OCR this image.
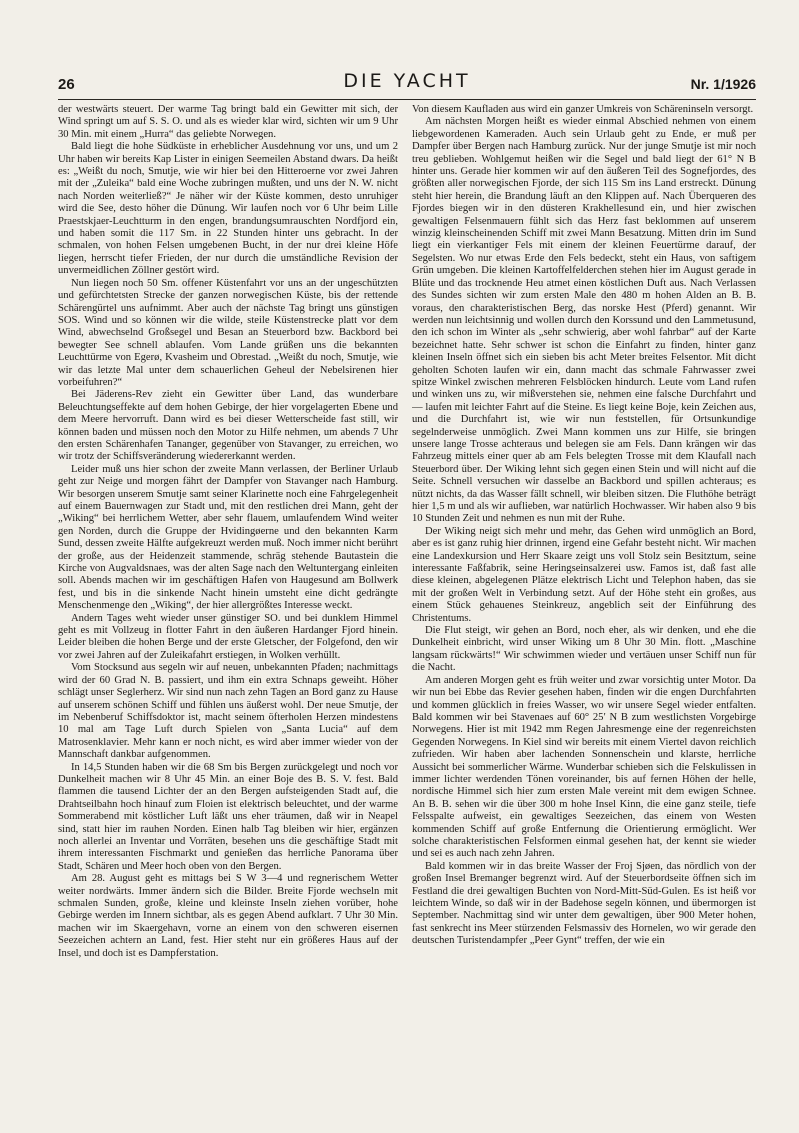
26	DIE YACHT	Nr. 1/1926

der westwärts steuert. Der warme Tag bringt bald ein Gewitter mit sich, der Wind springt um auf S. S. O. und als es wieder klar wird, sichten wir um 9 Uhr 30 Min. mit einem „Hurra“ das geliebte Norwegen.

Bald liegt die hohe Südküste in erheblicher Ausdehnung vor uns, und um 2 Uhr haben wir bereits Kap Lister in einigen Seemeilen Abstand dwars. Da heißt es: „Weißt du noch, Smutje, wie wir hier bei den Hitteroerne vor zwei Jahren mit der „Zuleika“ bald eine Woche zubringen mußten, und uns der N. W. nicht nach Norden weiterließ?“ Je näher wir der Küste kommen, desto unruhiger wird die See, desto höher die Dünung. Wir laufen noch vor 6 Uhr beim Lille Praestskjaer-Leuchtturm in den engen, brandungsumrauschten Nordfjord ein, und haben somit die 117 Sm. in 22 Stunden hinter uns gebracht. In der schmalen, von hohen Felsen umgebenen Bucht, in der nur drei kleine Höfe liegen, herrscht tiefer Frieden, der nur durch die umständliche Revision der unvermeidlichen Zöllner gestört wird.

Nun liegen noch 50 Sm. offener Küstenfahrt vor uns an der ungeschützten und gefürchtetsten Strecke der ganzen norwegischen Küste, bis der rettende Schärengürtel uns aufnimmt. Aber auch der nächste Tag bringt uns günstigen SOS. Wind und so können wir die wilde, steile Küstenstrecke platt vor dem Wind, abwechselnd Großsegel und Besan an Steuerbord bzw. Backbord bei bewegter See schnell ablaufen. Vom Lande grüßen uns die bekannten Leuchttürme von Egerø, Kvasheim und Obrestad. „Weißt du noch, Smutje, wie wir das letzte Mal unter dem schauerlichen Geheul der Nebelsirenen hier vorbeifuhren?“

Bei Jäderens-Rev zieht ein Gewitter über Land, das wunderbare Beleuchtungseffekte auf dem hohen Gebirge, der hier vorgelagerten Ebene und dem Meere hervorruft. Dann wird es bei dieser Wetterscheide fast still, wir können baden und müssen noch den Motor zu Hilfe nehmen, um abends 7 Uhr den ersten Schärenhafen Tananger, gegenüber von Stavanger, zu erreichen, wo wir trotz der Schiffsveränderung wiedererkannt werden.

Leider muß uns hier schon der zweite Mann verlassen, der Berliner Urlaub geht zur Neige und morgen fährt der Dampfer von Stavanger nach Hamburg. Wir besorgen unserem Smutje samt seiner Klarinette noch eine Fahrgelegenheit auf einem Bauernwagen zur Stadt und, mit den restlichen drei Mann, geht der „Wiking“ bei herrlichem Wetter, aber sehr flauem, umlaufendem Wind weiter gen Norden, durch die Gruppe der Hvidingøerne und den bekannten Karm Sund, dessen zweite Hälfte aufgekreuzt werden muß. Noch immer nicht berührt der große, aus der Heidenzeit stammende, schräg stehende Bautastein die Kirche von Augvaldsnaes, was der alten Sage nach den Weltuntergang einleiten soll. Abends machen wir im geschäftigen Hafen von Haugesund am Bollwerk fest, und bis in die sinkende Nacht hinein umsteht eine dicht gedrängte Menschenmenge den „Wiking“, der hier allergrößtes Interesse weckt.

Andern Tages weht wieder unser günstiger SO. und bei dunklem Himmel geht es mit Vollzeug in flotter Fahrt in den äußeren Hardanger Fjord hinein. Leider bleiben die hohen Berge und der erste Gletscher, der Folgefond, den wir vor zwei Jahren auf der Zuleikafahrt erstiegen, in Wolken verhüllt.

Vom Stocksund aus segeln wir auf neuen, unbekannten Pfaden; nachmittags wird der 60 Grad N. B. passiert, und ihm ein extra Schnaps geweiht. Höher schlägt unser Seglerherz. Wir sind nun nach zehn Tagen an Bord ganz zu Hause auf unserem schönen Schiff und fühlen uns äußerst wohl. Der neue Smutje, der im Nebenberuf Schiffsdoktor ist, macht seinem öfterholen Herzen mindestens 10 mal am Tage Luft durch Spielen von „Santa Lucia“ auf dem Matrosenklavier. Mehr kann er noch nicht, es wird aber immer wieder von der Mannschaft dankbar aufgenommen.

In 14,5 Stunden haben wir die 68 Sm bis Bergen zurückgelegt und noch vor Dunkelheit machen wir 8 Uhr 45 Min. an einer Boje des B. S. V. fest. Bald flammen die tausend Lichter der an den Bergen aufsteigenden Stadt auf, die Drahtseilbahn hoch hinauf zum Floien ist elektrisch beleuchtet, und der warme Sommerabend mit köstlicher Luft läßt uns eher träumen, daß wir in Neapel sind, statt hier im rauhen Norden. Einen halb Tag bleiben wir hier, ergänzen noch allerlei an Inventar und Vorräten, besehen uns die geschäftige Stadt mit ihrem interessanten Fischmarkt und genießen das herrliche Panorama über Stadt, Schären und Meer hoch oben von den Bergen.

Am 28. August geht es mittags bei S W 3—4 und regnerischem Wetter weiter nordwärts. Immer ändern sich die Bilder. Breite Fjorde wechseln mit schmalen Sunden, große, kleine und kleinste Inseln ziehen vorüber, hohe Gebirge werden im Innern sichtbar, als es gegen Abend aufklart. 7 Uhr 30 Min. machen wir im Skaergehavn, vorne an einem von den schweren eisernen Seezeichen achtern an Land, fest. Hier steht nur ein größeres Haus auf der Insel, und doch ist es Dampferstation.

Von diesem Kaufladen aus wird ein ganzer Umkreis von Schäreninseln versorgt.

Am nächsten Morgen heißt es wieder einmal Abschied nehmen von einem liebgewordenen Kameraden. Auch sein Urlaub geht zu Ende, er muß per Dampfer über Bergen nach Hamburg zurück. Nur der junge Smutje ist mir noch treu geblieben. Wohlgemut heißen wir die Segel und bald liegt der 61° N B hinter uns. Gerade hier kommen wir auf den äußeren Teil des Sognefjordes, des größten aller norwegischen Fjorde, der sich 115 Sm ins Land erstreckt. Dünung steht hier herein, die Brandung läuft an den Klippen auf. Nach Überqueren des Fjordes biegen wir in den düsteren Krakhellesund ein, und hier zwischen gewaltigen Felsenmauern fühlt sich das Herz fast beklommen auf unserem winzig kleinscheinenden Schiff mit zwei Mann Besatzung. Mitten drin im Sund liegt ein vierkantiger Fels mit einem der kleinen Feuertürme darauf, der Segelsten. Wo nur etwas Erde den Fels bedeckt, steht ein Haus, von saftigem Grün umgeben. Die kleinen Kartoffelfelderchen stehen hier im August gerade in Blüte und das trocknende Heu atmet einen köstlichen Duft aus. Nach Verlassen des Sundes sichten wir zum ersten Male den 480 m hohen Alden an B. B. voraus, den charakteristischen Berg, das norske Hest (Pferd) genannt. Wir werden nun leichtsinnig und wollen durch den Korssund und den Lammetusund, den ich schon im Winter als „sehr schwierig, aber wohl fahrbar“ auf der Karte bezeichnet hatte. Sehr schwer ist schon die Einfahrt zu finden, hinter ganz kleinen Inseln öffnet sich ein sieben bis acht Meter breites Felsentor. Mit dicht geholten Schoten laufen wir ein, dann macht das schmale Fahrwasser zwei spitze Winkel zwischen mehreren Felsblöcken hindurch. Leute vom Land rufen und winken uns zu, wir mißverstehen sie, nehmen eine falsche Durchfahrt und — laufen mit leichter Fahrt auf die Steine. Es liegt keine Boje, kein Zeichen aus, und die Durchfahrt ist, wie wir nun feststellen, für Ortsunkundige segelnderweise unmöglich. Zwei Mann kommen uns zur Hilfe, sie bringen unsere lange Trosse achteraus und belegen sie am Fels. Dann krängen wir das Fahrzeug mittels einer quer ab am Fels belegten Trosse mit dem Klaufall nach Steuerbord über. Der Wiking lehnt sich gegen einen Stein und will nicht auf die Seite. Schnell versuchen wir dasselbe an Backbord und spillen achteraus; es nützt nichts, da das Wasser fällt schnell, wir bleiben sitzen. Die Fluthöhe beträgt hier 1,5 m und als wir auflieben, war natürlich Hochwasser. Wir haben also 9 bis 10 Stunden Zeit und nehmen es nun mit der Ruhe.

Der Wiking neigt sich mehr und mehr, das Gehen wird unmöglich an Bord, aber es ist ganz ruhig hier drinnen, irgend eine Gefahr besteht nicht. Wir machen eine Landexkursion und Herr Skaare zeigt uns voll Stolz sein Besitztum, seine interessante Faßfabrik, seine Heringseinsalzerei usw. Famos ist, daß fast alle diese kleinen, abgelegenen Plätze elektrisch Licht und Telephon haben, das sie mit der großen Welt in Verbindung setzt. Auf der Höhe steht ein großes, aus einem Stück gehauenes Steinkreuz, angeblich seit der Einführung des Christentums.

Die Flut steigt, wir gehen an Bord, noch eher, als wir denken, und ehe die Dunkelheit einbricht, wird unser Wiking um 8 Uhr 30 Min. flott. „Maschine langsam rückwärts!“ Wir schwimmen wieder und vertäuen unser Schiff nun für die Nacht.

Am anderen Morgen geht es früh weiter und zwar vorsichtig unter Motor. Da wir nun bei Ebbe das Revier gesehen haben, finden wir die engen Durchfahrten und kommen glücklich in freies Wasser, wo wir unsere Segel wieder entfalten. Bald kommen wir bei Stavenaes auf 60° 25′ N B zum westlichsten Vorgebirge Norwegens. Hier ist mit 1942 mm Regen Jahresmenge eine der regenreichsten Gegenden Norwegens. In Kiel sind wir bereits mit einem Viertel davon reichlich zufrieden. Wir haben aber lachenden Sonnenschein und klarste, herrliche Aussicht bei sommerlicher Wärme. Wunderbar schieben sich die Felskulissen in immer lichter werdenden Tönen voreinander, bis auf fernen Höhen der helle, nordische Himmel sich hier zum ersten Male vereint mit dem ewigen Schnee. An B. B. sehen wir die über 300 m hohe Insel Kinn, die eine ganz steile, tiefe Felsspalte aufweist, ein gewaltiges Seezeichen, das einem von Westen kommenden Schiff auf große Entfernung die Orientierung ermöglicht. Wer solche charakteristischen Felsformen einmal gesehen hat, der kennt sie wieder und sei es auch nach zehn Jahren.

Bald kommen wir in das breite Wasser der Froj Sjøen, das nördlich von der großen Insel Bremanger begrenzt wird. Auf der Steuerbordseite öffnen sich im Festland die drei gewaltigen Buchten von Nord-Mitt-Süd-Gulen. Es ist heiß vor leichtem Winde, so daß wir in der Badehose segeln können, und übermorgen ist September. Nachmittag sind wir unter dem gewaltigen, über 900 Meter hohen, fast senkrecht ins Meer stürzenden Felsmassiv des Hornelen, wo wir gerade den deutschen Turistendampfer „Peer Gynt“ treffen, der wie ein
